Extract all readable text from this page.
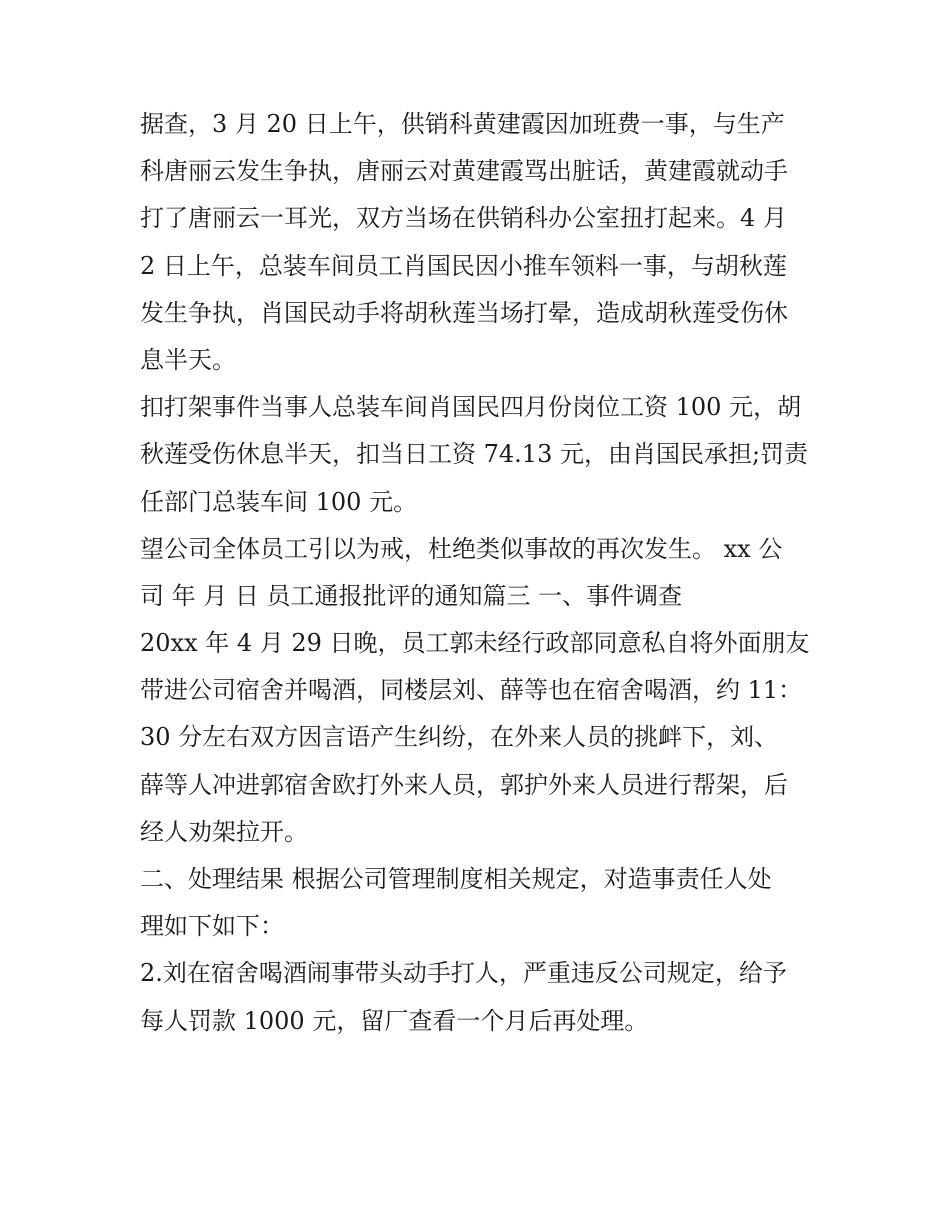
据查，3 月 20 日上午，供销科黄建霞因加班费一事，与生产
科唐丽云发生争执，唐丽云对黄建霞骂出脏话，黄建霞就动手
打了唐丽云一耳光，双方当场在供销科办公室扭打起来。4 月
2 日上午，总装车间员工肖国民因小推车领料一事，与胡秋莲
发生争执，肖国民动手将胡秋莲当场打晕，造成胡秋莲受伤休
息半天。
扣打架事件当事人总装车间肖国民四月份岗位工资 100 元，胡
秋莲受伤休息半天，扣当日工资 74.13 元，由肖国民承担;罚责
任部门总装车间 100 元。
望公司全体员工引以为戒，杜绝类似事故的再次发生。 xx 公
司 年 月 日 员工通报批评的通知篇三 一、事件调查
20xx 年 4 月 29 日晚，员工郭未经行政部同意私自将外面朋友
带进公司宿舍并喝酒，同楼层刘、薛等也在宿舍喝酒，约 11：
30 分左右双方因言语产生纠纷，在外来人员的挑衅下，刘、
薛等人冲进郭宿舍欧打外来人员，郭护外来人员进行帮架，后
经人劝架拉开。
二、处理结果 根据公司管理制度相关规定，对造事责任人处
理如下如下：
2.刘在宿舍喝酒闹事带头动手打人，严重违反公司规定，给予
每人罚款 1000 元，留厂查看一个月后再处理。
